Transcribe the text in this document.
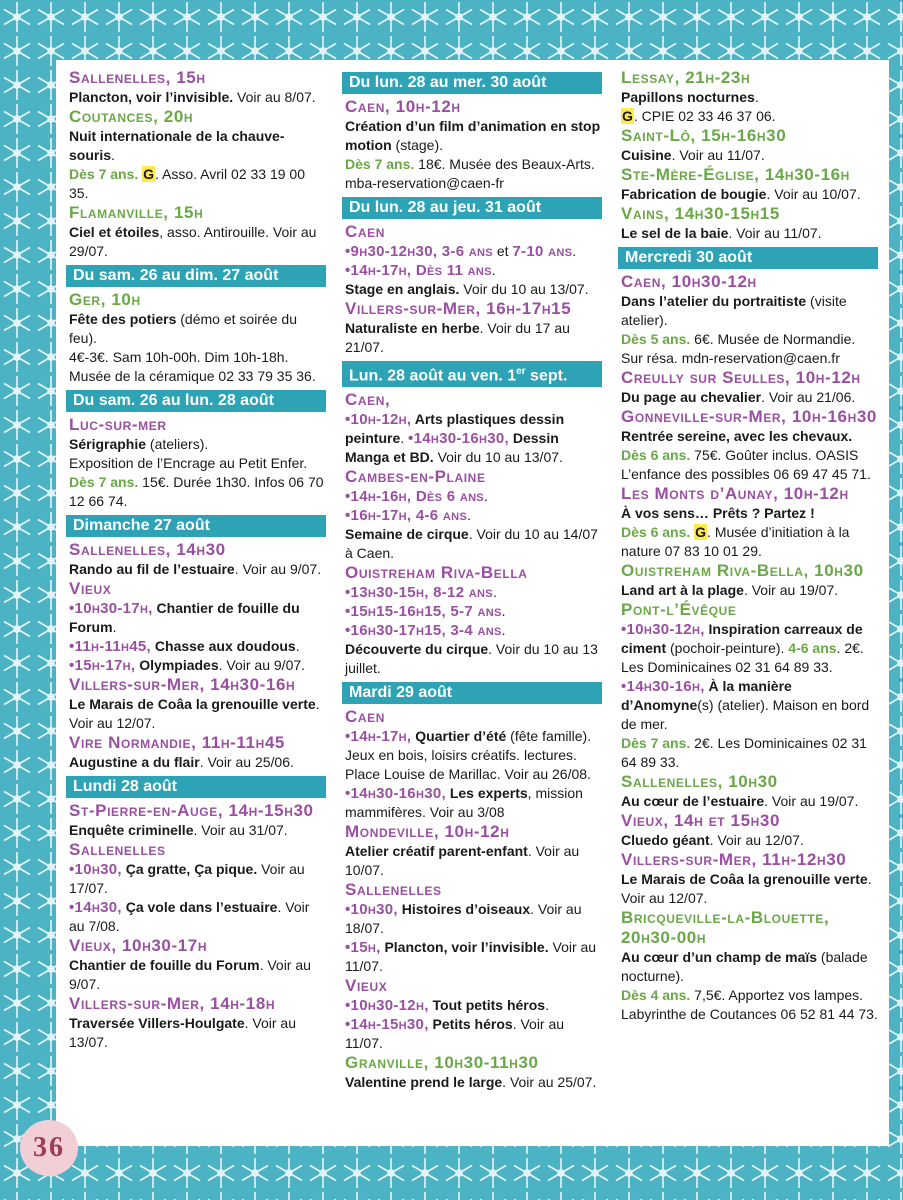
Sallenelles, 15h
Plancton, voir l’invisible. Voir au 8/07.
Coutances, 20h
Nuit internationale de la chauve-souris.
Dès 7 ans. G. Asso. Avril 02 33 19 00 35.
Flamanville, 15h
Ciel et étoiles, asso. Antirouille. Voir au 29/07.
Du sam. 26 au dim. 27 août
Ger, 10h
Fête des potiers (démo et soirée du feu).
4€-3€. Sam 10h-00h. Dim 10h-18h. Musée de la céramique 02 33 79 35 36.
Du sam. 26 au lun. 28 août
Luc-sur-mer
Sérigraphie (ateliers).
Exposition de l’Encrage au Petit Enfer. Dès 7 ans. 15€. Durée 1h30. Infos 06 70 12 66 74.
Dimanche 27 août
Sallenelles, 14h30
Rando au fil de l’estuaire. Voir au 9/07.
Vieux
•10h30-17h, Chantier de fouille du Forum.
•11h-11h45, Chasse aux doudous.
•15h-17h, Olympiades. Voir au 9/07.
Villers-sur-Mer, 14h30-16h
Le Marais de Coâa la grenouille verte. Voir au 12/07.
Vire Normandie, 11h-11h45
Augustine a du flair. Voir au 25/06.
Lundi 28 août
St-Pierre-en-Auge, 14h-15h30
Enquête criminelle. Voir au 31/07.
Sallenelles
•10h30, Ça gratte, Ça pique. Voir au 17/07.
•14h30, Ça vole dans l’estuaire. Voir au 7/08.
Vieux, 10h30-17h
Chantier de fouille du Forum. Voir au 9/07.
Villers-sur-Mer, 14h-18h
Traversée Villers-Houlgate. Voir au 13/07.
Du lun. 28 au mer. 30 août
Caen, 10h-12h
Création d’un film d’animation en stop motion (stage).
Dès 7 ans. 18€. Musée des Beaux-Arts. mba-reservation@caen-fr
Du lun. 28 au jeu. 31 août
Caen
•9h30-12h30, 3-6 ans et 7-10 ans.
•14h-17h, Dès 11 ans.
Stage en anglais. Voir du 10 au 13/07.
Villers-sur-Mer, 16h-17h15
Naturaliste en herbe. Voir du 17 au 21/07.
Lun. 28 août au ven. 1er sept.
Caen,
•10h-12h, Arts plastiques dessin peinture. •14h30-16h30, Dessin Manga et BD. Voir du 10 au 13/07.
Cambes-en-Plaine
•14h-16h, Dès 6 ans.
•16h-17h, 4-6 ans.
Semaine de cirque. Voir du 10 au 14/07 à Caen.
Ouistreham Riva-Bella
•13h30-15h, 8-12 ans.
•15h15-16h15, 5-7 ans.
•16h30-17h15, 3-4 ans.
Découverte du cirque. Voir du 10 au 13 juillet.
Mardi 29 août
Caen
•14h-17h, Quartier d’été (fête famille). Jeux en bois, loisirs créatifs. lectures. Place Louise de Marillac. Voir au 26/08.
•14h30-16h30, Les experts, mission mammifères. Voir au 3/08
Mondeville, 10h-12h
Atelier créatif parent-enfant. Voir au 10/07.
Sallenelles
•10h30, Histoires d’oiseaux. Voir au 18/07.
•15h, Plancton, voir l’invisible. Voir au 11/07.
Vieux
•10h30-12h, Tout petits héros.
•14h-15h30, Petits héros. Voir au 11/07.
Granville, 10h30-11h30
Valentine prend le large. Voir au 25/07.
Lessay, 21h-23h
Papillons nocturnes.
G. CPIE 02 33 46 37 06.
Saint-Lô, 15h-16h30
Cuisine. Voir au 11/07.
Ste-Mère-Église, 14h30-16h
Fabrication de bougie. Voir au 10/07.
Vains, 14h30-15h15
Le sel de la baie. Voir au 11/07.
Mercredi 30 août
Caen, 10h30-12h
Dans l’atelier du portraitiste (visite atelier).
Dès 5 ans. 6€. Musée de Normandie. Sur résa. mdn-reservation@caen.fr
Creully sur Seulles, 10h-12h
Du page au chevalier. Voir au 21/06.
Gonneville-sur-Mer, 10h-16h30
Rentrée sereine, avec les chevaux.
Dès 6 ans. 75€. Goûter inclus. OASIS L’enfance des possibles 06 69 47 45 71.
Les Monts d’Aunay, 10h-12h
À vos sens… Prêts ? Partez !
Dès 6 ans. G. Musée d’initiation à la nature 07 83 10 01 29.
Ouistreham Riva-Bella, 10h30
Land art à la plage. Voir au 19/07.
Pont-l’Évêque
•10h30-12h, Inspiration carreaux de ciment (pochoir-peinture). 4-6 ans. 2€. Les Dominicaines 02 31 64 89 33.
•14h30-16h, À la manière d’Anomyne(s) (atelier). Maison en bord de mer.
Dès 7 ans. 2€. Les Dominicaines 02 31 64 89 33.
Sallenelles, 10h30
Au cœur de l’estuaire. Voir au 19/07.
Vieux, 14h et 15h30
Cluedo géant. Voir au 12/07.
Villers-sur-Mer, 11h-12h30
Le Marais de Coâa la grenouille verte. Voir au 12/07.
Bricqueville-la-Blouette, 20h30-00h
Au cœur d’un champ de maïs (balade nocturne).
Dès 4 ans. 7,5€. Apportez vos lampes. Labyrinthe de Coutances 06 52 81 44 73.
36
